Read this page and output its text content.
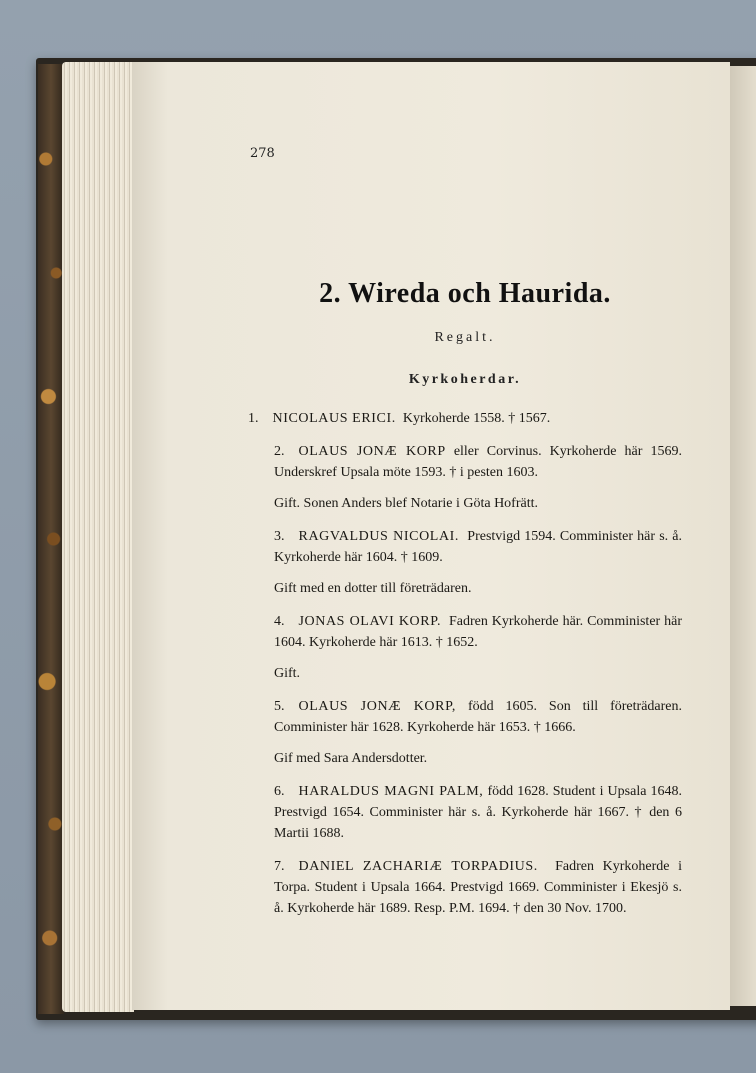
278
2. Wireda och Haurida.
Regalt.
Kyrkoherdar.

1. NICOLAUS ERICI. Kyrkoherde 1558. † 1567.

2. OLAUS JONÆ KORP eller Corvinus. Kyrkoherde här 1569. Underskref Upsala möte 1593. † i pesten 1603.

Gift. Sonen Anders blef Notarie i Göta Hofrätt.

3. RAGVALDUS NICOLAI. Prestvigd 1594. Comminister här s. å. Kyrkoherde här 1604. † 1609.

Gift med en dotter till företrädaren.

4. JONAS OLAVI KORP. Fadren Kyrkoherde här. Comminister här 1604. Kyrkoherde här 1613. † 1652.

Gift.

5. OLAUS JONÆ KORP, född 1605. Son till företrädaren. Comminister här 1628. Kyrkoherde här 1653. † 1666.

Gif med Sara Andersdotter.

6. HARALDUS MAGNI PALM, född 1628. Student i Upsala 1648. Prestvigd 1654. Comminister här s. å. Kyrkoherde här 1667. † den 6 Martii 1688.

7. DANIEL ZACHARIÆ TORPADIUS. Fadren Kyrkoherde i Torpa. Student i Upsala 1664. Prestvigd 1669. Comminister i Ekesjö s. å. Kyrkoherde här 1689. Resp. P.M. 1694. † den 30 Nov. 1700.
